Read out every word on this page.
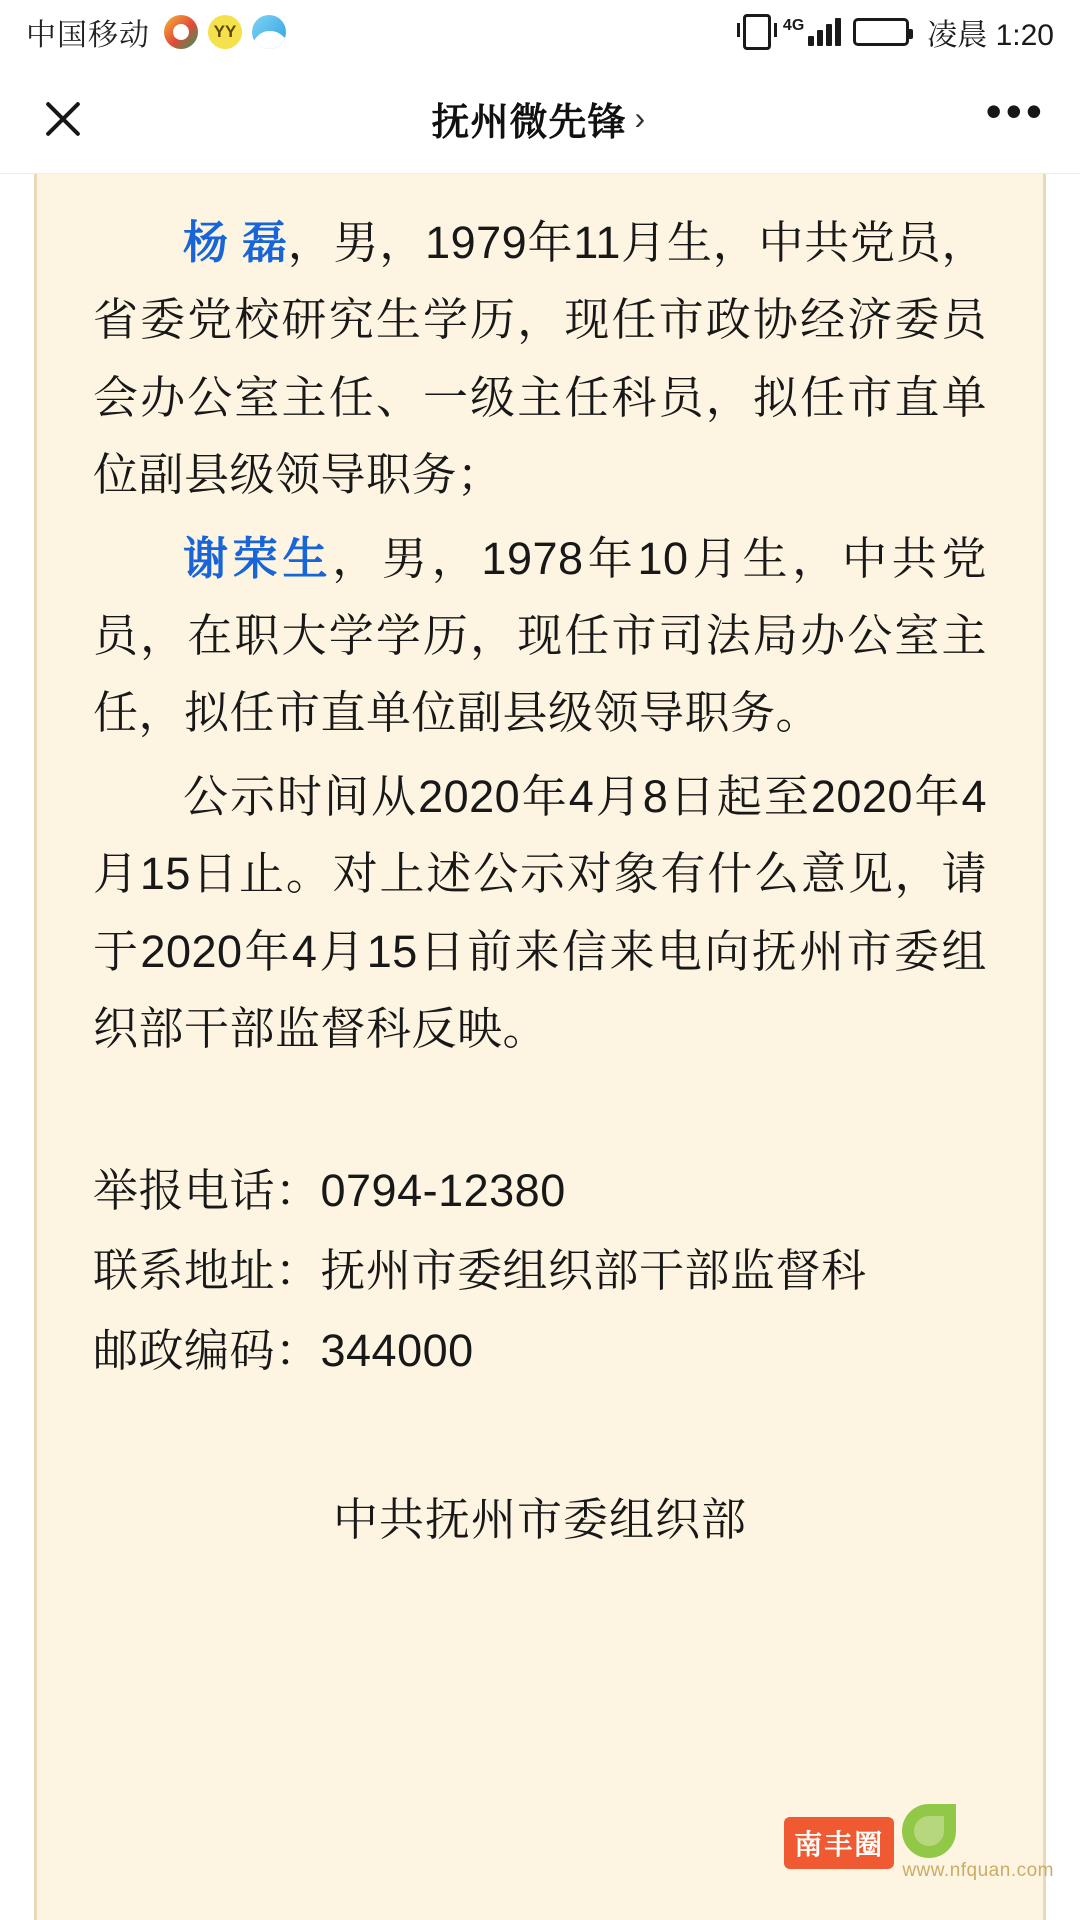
中国移动	YY	4G	凌晨 1:20
抚州微先锋 ›	•••

杨 磊，男，1979年11月生，中共党员，省委党校研究生学历，现任市政协经济委员会办公室主任、一级主任科员，拟任市直单位副县级领导职务；

谢荣生，男，1978年10月生，中共党员，在职大学学历，现任市司法局办公室主任，拟任市直单位副县级领导职务。

公示时间从2020年4月8日起至2020年4月15日止。对上述公示对象有什么意见，请于2020年4月15日前来信来电向抚州市委组织部干部监督科反映。

举报电话：0794-12380

联系地址：抚州市委组织部干部监督科

邮政编码：344000

中共抚州市委组织部
南丰圈
www.nfquan.com
